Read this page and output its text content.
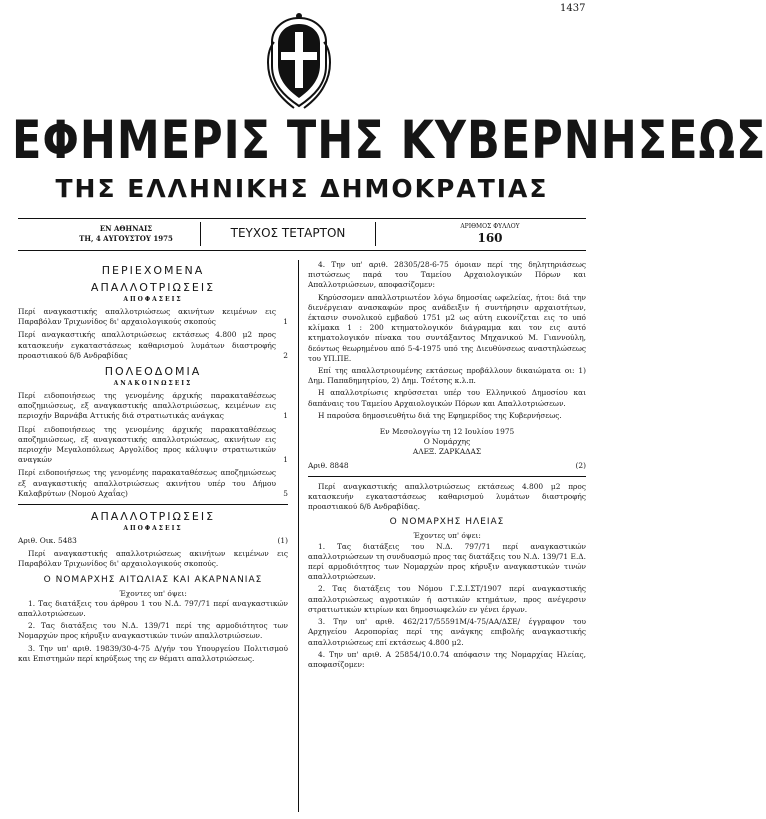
1437
ΕΦΗΜΕΡΙΣ ΤΗΣ ΚΥΒΕΡΝΗΣΕΩΣ
ΤΗΣ ΕΛΛΗΝΙΚΗΣ ΔΗΜΟΚΡΑΤΙΑΣ
ΕΝ ΑΘΗΝΑΙΣ
ΤΗ, 4 ΑΥΓΟΥΣΤΟΥ 1975	ΤΕΥΧΟΣ ΤΕΤΑΡΤΟΝ	ΑΡΙΘΜΟΣ ΦΥΛΛΟΥ
160
ΠΕΡΙΕΧΟΜΕΝΑ
ΑΠΑΛΛΟΤΡΙΩΣΕΙΣ
ΑΠΟΦΑΣΕΙΣ
Περί αναγκαστικής απαλλοτριώσεως ακινήτων κειμένων εις Παραβόλαν Τριχωνίδος δι' αρχαιολογικούς σκοπούς	1
Περί αναγκαστικής απαλλοτριώσεως εκτάσεως 4.800 μ2 προς κατασκευήν εγκαταστάσεως καθαρισμού λυμάτων διαστροφής προαστιακού δ/δ Ανδραβίδας	2
ΠΟΛΕΟΔΟΜΙΑ
ΑΝΑΚΟΙΝΩΣΕΙΣ
Περί ειδοποιήσεως της γενομένης άρχικής παρακαταθέσεως αποζημιώσεως, εξ αναγκαστικής απαλλοτριώσεως, κειμένων εις περιοχήν Βαρνάβα Αττικής διά στρατιωτικάς ανάγκας	1
Περί ειδοποιήσεως της γενομένης άρχικής παρακαταθέσεως αποζημιώσεως, εξ αναγκαστικής απαλλοτριώσεως, ακινήτων εις περιοχήν Μεγαλοπόλεως Αργολίδος προς κάλυψιν στρατιωτικών αναγκών	1
Περί ειδοποιήσεως της γενομένης παρακαταθέσεως αποζημιώσεως εξ αναγκαστικής απαλλοτριώσεως ακινήτου υπέρ του Δήμου Καλαβρύτων (Νομού Αχαΐας)	5
ΑΠΑΛΛΟΤΡΙΩΣΕΙΣ
ΑΠΟΦΑΣΕΙΣ
Αριθ. Οικ. 5483	(1)
Περί αναγκαστικής απαλλοτριώσεως ακινήτων κειμένων εις Παραβόλαν Τριχωνίδος δι' αρχαιολογικούς σκοπούς.
Ο ΝΟΜΑΡΧΗΣ ΑΙΤΩΛΙΑΣ ΚΑΙ ΑΚΑΡΝΑΝΙΑΣ
Έχοντες υπ' όψει:
1. Τας διατάξεις του άρθρου 1 του Ν.Δ. 797/71 περί αναγκαστικών απαλλοτριώσεων.
2. Τας διατάξεις του Ν.Δ. 139/71 περί της αρμοδιότητος των Νομαρχών προς κήρυξιν αναγκαστικών τινών απαλλοτριώσεων.
3. Την υπ' αριθ. 19839/30-4-75 Δ/γήν του Υπουργείου Πολιτισμού και Επιστημών περί κηρύξεως της εν θέματι απαλλοτριώσεως.
4. Την υπ' αριθ. 28305/28-6-75 όμοιαν περί της δηλητηριάσεως πιστώσεως παρά του Ταμείου Αρχαιολογικών Πόρων και Απαλλοτριώσεων, αποφασίζομεν:
Κηρύσσομεν απαλλοτριωτέον λόγω δημοσίας ωφελείας, ήτοι: διά την διενέργειαν ανασκαφών προς ανάδειξιν ή συντήρησιν αρχαιοτήτων, έκτασιν συνολικού εμβαδού 1751 μ2 ως αύτη εικονίζεται εις το υπό κλίμακα 1 : 200 κτηματολογικόν διάγραμμα και τον εις αυτό κτηματολογικόν πίνακα του συντάξαντος Μηχανικού Μ. Γιαννούλη, δεόντως θεωρημένου από 5-4-1975 υπό της Διευθύνσεως αναστηλώσεως του ΥΠ.ΠΕ.
Επί της απαλλοτριουμένης εκτάσεως προβάλλουν δικαιώματα οι: 1) Δημ. Παπαδημητρίου, 2) Δημ. Τσέτσης κ.λ.π.
Η απαλλοτρίωσις κηρύσσεται υπέρ του Ελληνικού Δημοσίου και δαπάναις του Ταμείου Αρχαιολογικών Πόρων και Απαλλοτριώσεων.
Η παρούσα δημοσιευθήτω διά της Εφημερίδος της Κυβερνήσεως.
Εν Μεσολογγίω τη 12 Ιουλίου 1975
Ο Νομάρχης
ΑΛΕΞ. ΖΑΡΚΑΔΑΣ
Αριθ. 8848	(2)
Περί αναγκαστικής απαλλοτριώσεως εκτάσεως 4.800 μ2 προς κατασκευήν εγκαταστάσεως καθαρισμού λυμάτων διαστροφής προαστιακού δ/δ Ανδραβίδας.
Ο ΝΟΜΑΡΧΗΣ ΗΛΕΙΑΣ
Έχοντες υπ' όψει:
1. Τας διατάξεις του Ν.Δ. 797/71 περί αναγκαστικών απαλλοτριώσεων τη συνδυασμώ προς τας διατάξεις του Ν.Δ. 139/71 Ε.Δ. περί αρμοδιότητος των Νομαρχών προς κήρυξιν αναγκαστικών τινών απαλλοτριώσεων.
2. Τας διατάξεις του Νόμου Γ.Σ.Ι.ΣΤ/1907 περί αναγκαστικής απαλλοτριώσεως αγροτικών ή αστικών κτημάτων, προς ανέγερσιν στρατιωτικών κτιρίων και δημοσιωφελών εν γένει έργων.
3. Την υπ' αριθ. 462/217/55591Μ/4-75/ΑΑ/ΔΣΕ/ έγγραφον του Αρχηγείου Αεροπορίας περί της ανάγκης επιβολής αναγκαστικής απαλλοτριώσεως επί εκτάσεως 4.800 μ2.
4. Την υπ' αριθ. Α 25854/10.0.74 απόφασιν της Νομαρχίας Ηλείας, αποφασίζομεν:
